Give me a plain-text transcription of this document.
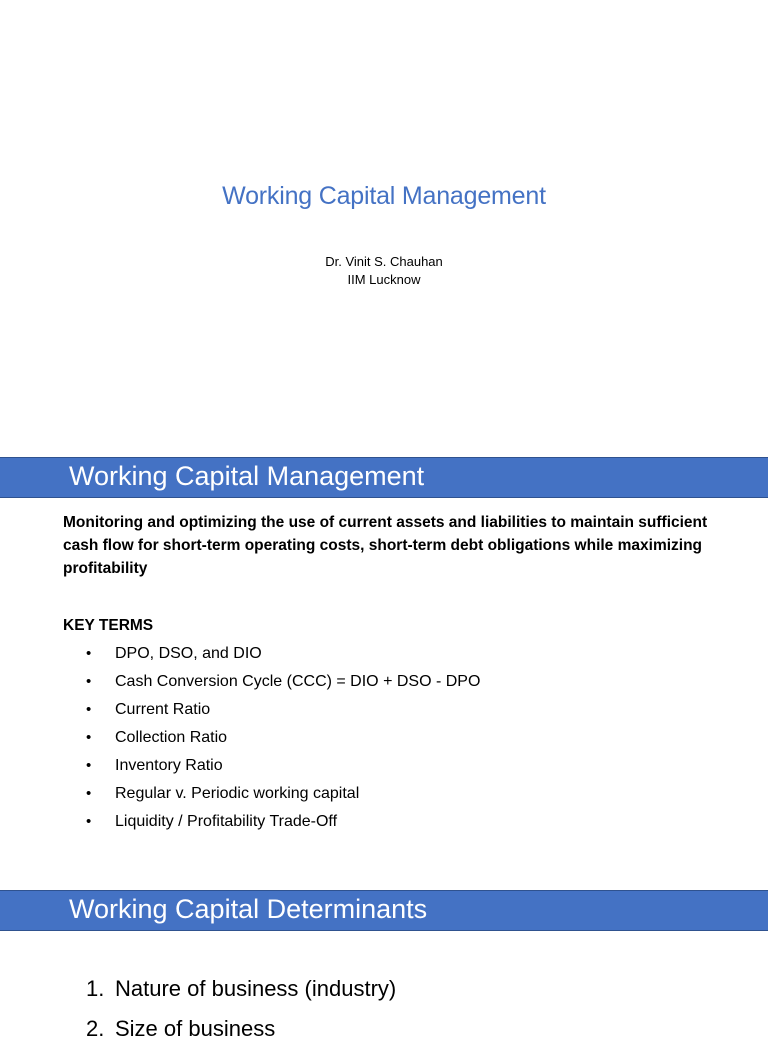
Working Capital Management
Dr. Vinit S. Chauhan
IIM Lucknow
Working Capital Management
Monitoring and optimizing the use of current assets and liabilities to maintain sufficient cash flow for short-term operating costs, short-term debt obligations while maximizing profitability
KEY TERMS
• DPO, DSO, and DIO
• Cash Conversion Cycle (CCC) = DIO + DSO - DPO
• Current Ratio
• Collection Ratio
• Inventory Ratio
• Regular v. Periodic working capital
• Liquidity / Profitability Trade-Off
Working Capital Determinants
1. Nature of business (industry)
2. Size of business
